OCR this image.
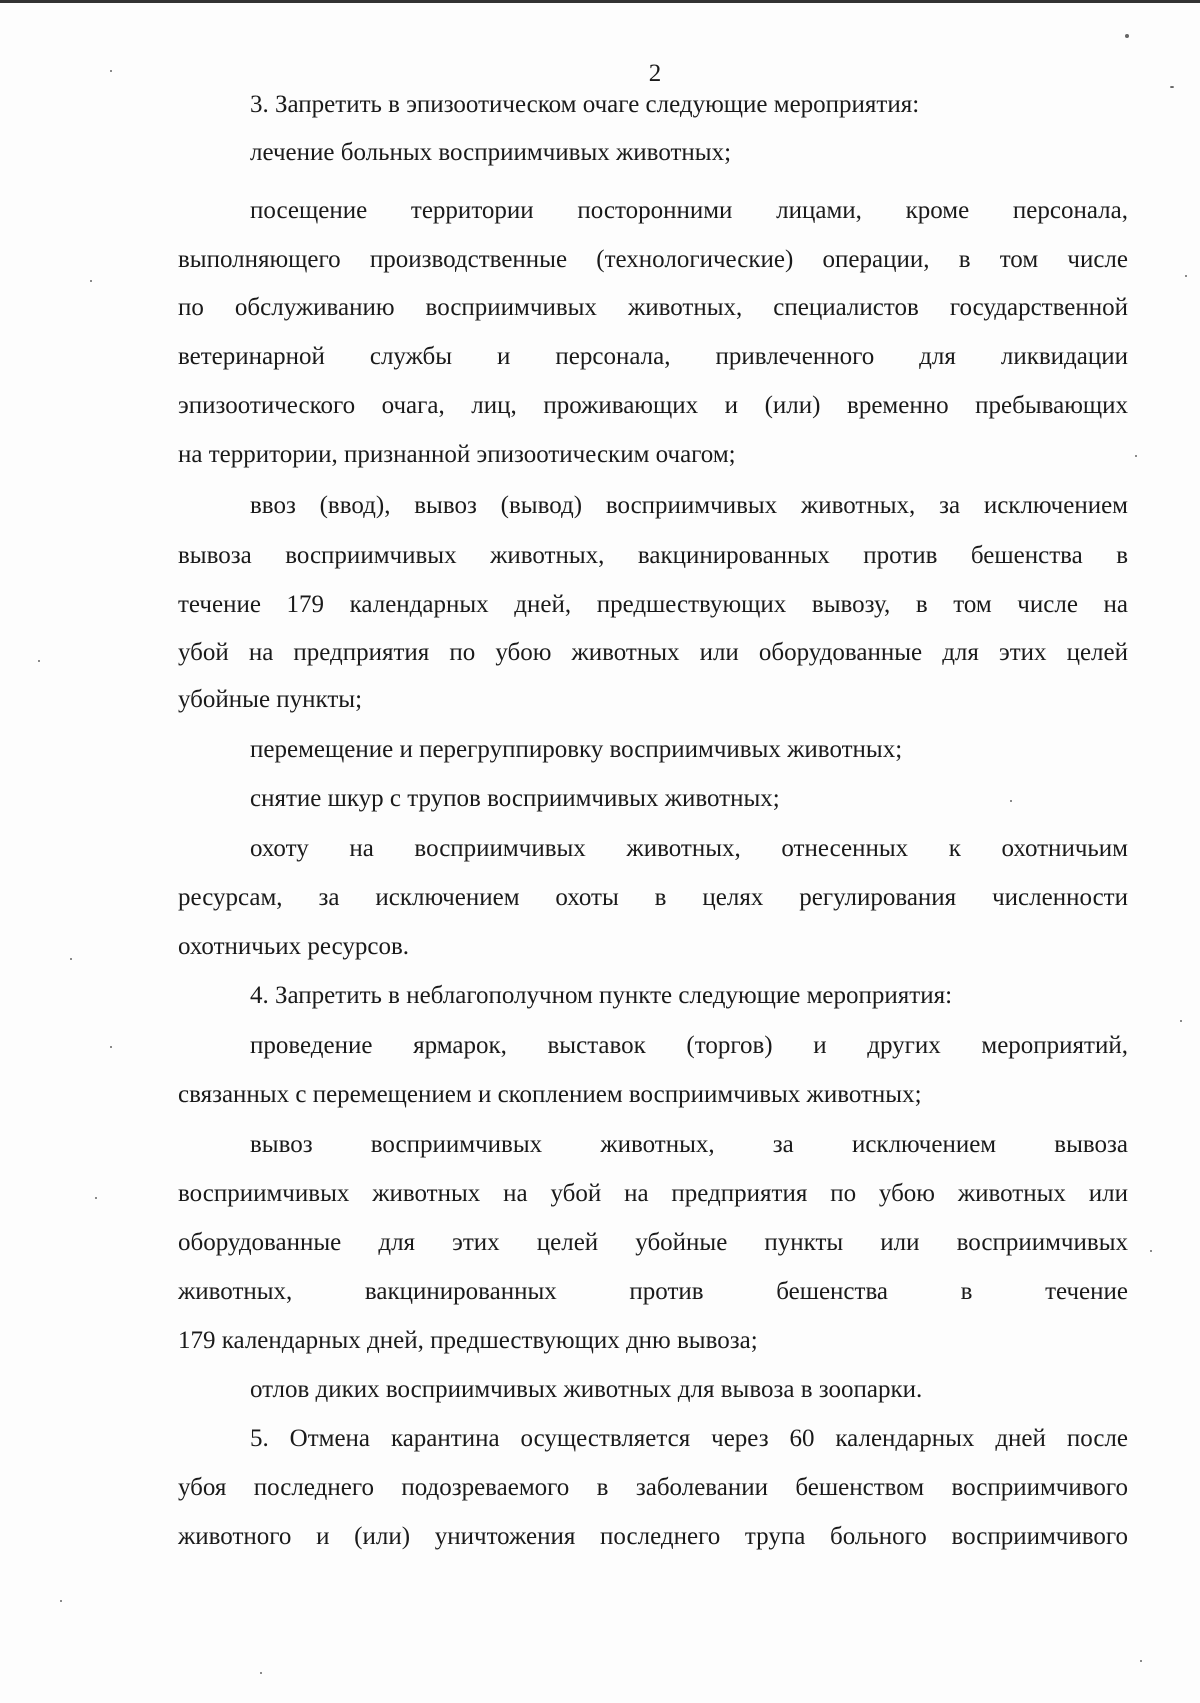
2
3. Запретить в эпизоотическом очаге следующие мероприятия:
лечение больных восприимчивых животных;
посещение территории посторонними лицами, кроме персонала,
выполняющего производственные (технологические) операции, в том числе
по обслуживанию восприимчивых животных, специалистов государственной
ветеринарной службы и персонала, привлеченного для ликвидации
эпизоотического очага, лиц, проживающих и (или) временно пребывающих
на территории, признанной эпизоотическим очагом;
ввоз (ввод), вывоз (вывод) восприимчивых животных, за исключением
вывоза восприимчивых животных, вакцинированных против бешенства в
течение 179 календарных дней, предшествующих вывозу, в том числе на
убой на предприятия по убою животных или оборудованные для этих целей
убойные пункты;
перемещение и перегруппировку восприимчивых животных;
снятие шкур с трупов восприимчивых животных;
охоту на восприимчивых животных, отнесенных к охотничьим
ресурсам, за исключением охоты в целях регулирования численности
охотничьих ресурсов.
4. Запретить в неблагополучном пункте следующие мероприятия:
проведение ярмарок, выставок (торгов) и других мероприятий,
связанных с перемещением и скоплением восприимчивых животных;
вывоз восприимчивых животных, за исключением вывоза
восприимчивых животных на убой на предприятия по убою животных или
оборудованные для этих целей убойные пункты или восприимчивых
животных, вакцинированных против бешенства в течение
179 календарных дней, предшествующих дню вывоза;
отлов диких восприимчивых животных для вывоза в зоопарки.
5. Отмена карантина осуществляется через 60 календарных дней после
убоя последнего подозреваемого в заболевании бешенством восприимчивого
животного и (или) уничтожения последнего трупа больного восприимчивого
